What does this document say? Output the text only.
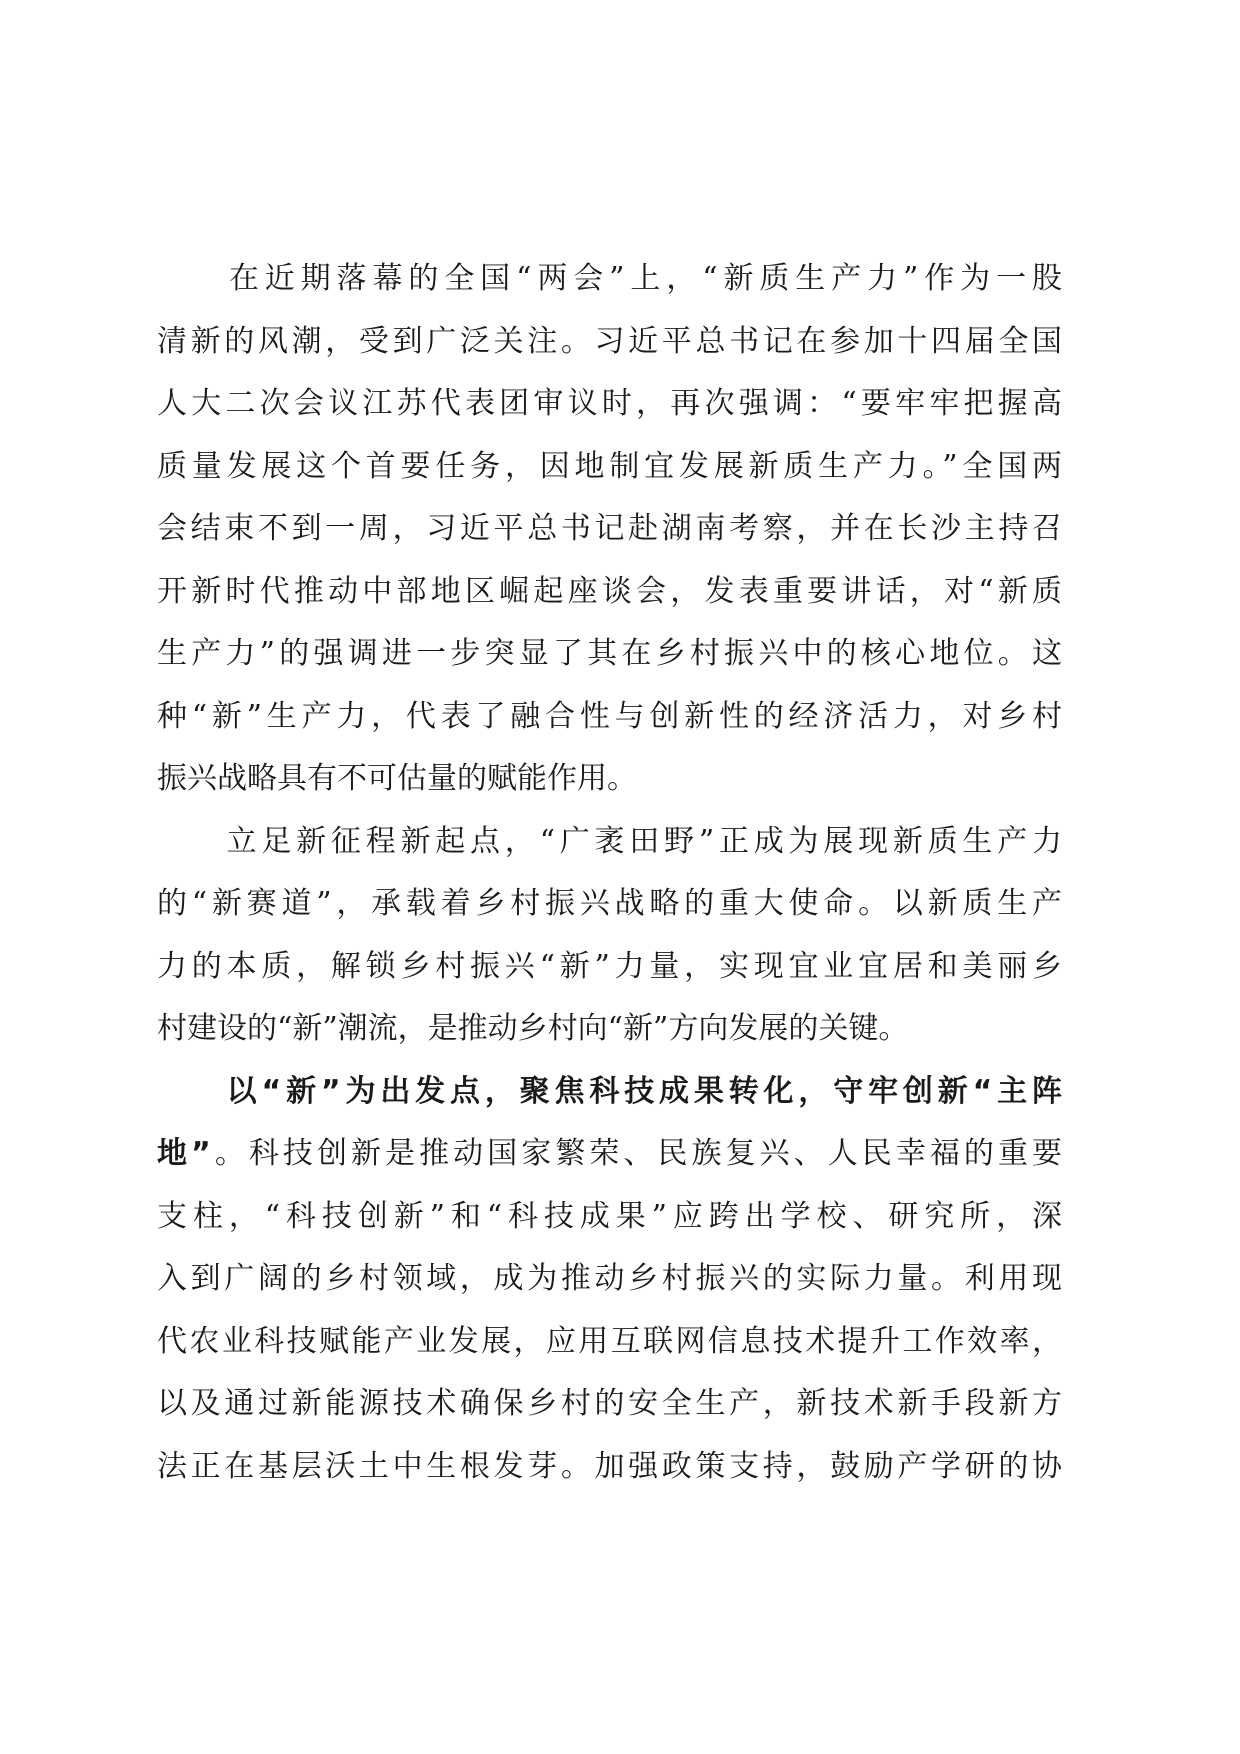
　　在近期落幕的全国“两会”上，“新质生产力”作为一股
清新的风潮，受到广泛关注。习近平总书记在参加十四届全国
人大二次会议江苏代表团审议时，再次强调：“要牢牢把握高
质量发展这个首要任务，因地制宜发展新质生产力。”全国两
会结束不到一周，习近平总书记赴湖南考察，并在长沙主持召
开新时代推动中部地区崛起座谈会，发表重要讲话，对“新质
生产力”的强调进一步突显了其在乡村振兴中的核心地位。这
种“新”生产力，代表了融合性与创新性的经济活力，对乡村
振兴战略具有不可估量的赋能作用。
　　立足新征程新起点，“广袤田野”正成为展现新质生产力
的“新赛道”，承载着乡村振兴战略的重大使命。以新质生产
力的本质，解锁乡村振兴“新”力量，实现宜业宜居和美丽乡
村建设的“新”潮流，是推动乡村向“新”方向发展的关键。
　　以“新”为出发点，聚焦科技成果转化，守牢创新“主阵
地”。科技创新是推动国家繁荣、民族复兴、人民幸福的重要
支柱，“科技创新”和“科技成果”应跨出学校、研究所，深
入到广阔的乡村领域，成为推动乡村振兴的实际力量。利用现
代农业科技赋能产业发展，应用互联网信息技术提升工作效率，
以及通过新能源技术确保乡村的安全生产，新技术新手段新方
法正在基层沃土中生根发芽。加强政策支持，鼓励产学研的协
